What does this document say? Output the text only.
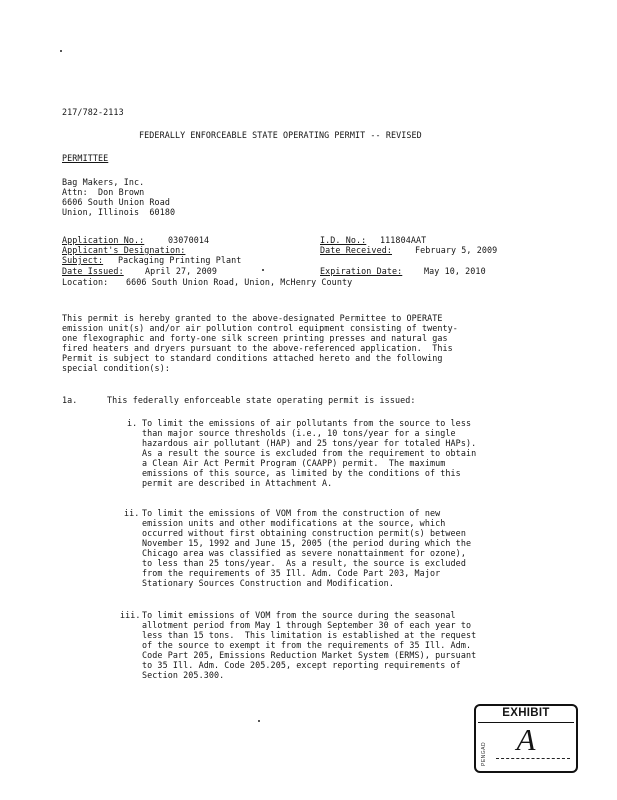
217/782-2113
FEDERALLY ENFORCEABLE STATE OPERATING PERMIT -- REVISED
PERMITTEE
Bag Makers, Inc.
Attn:  Don Brown
6606 South Union Road
Union, Illinois  60180
Application No.:	03070014	I.D. No.: 111804AAT
Applicant's Designation:	Date Received:	February 5, 2009
Subject: Packaging Printing Plant
Date Issued:	April 27, 2009	Expiration Date:	May 10, 2010
Location: 6606 South Union Road, Union, McHenry County
This permit is hereby granted to the above-designated Permittee to OPERATE
emission unit(s) and/or air pollution control equipment consisting of twenty-
one flexographic and forty-one silk screen printing presses and natural gas
fired heaters and dryers pursuant to the above-referenced application.  This
Permit is subject to standard conditions attached hereto and the following
special condition(s):
1a.	This federally enforceable state operating permit is issued:
i. To limit the emissions of air pollutants from the source to less
than major source thresholds (i.e., 10 tons/year for a single
hazardous air pollutant (HAP) and 25 tons/year for totaled HAPs).
As a result the source is excluded from the requirement to obtain
a Clean Air Act Permit Program (CAAPP) permit.  The maximum
emissions of this source, as limited by the conditions of this
permit are described in Attachment A.
ii. To limit the emissions of VOM from the construction of new
emission units and other modifications at the source, which
occurred without first obtaining construction permit(s) between
November 15, 1992 and June 15, 2005 (the period during which the
Chicago area was classified as severe nonattainment for ozone),
to less than 25 tons/year.  As a result, the source is excluded
from the requirements of 35 Ill. Adm. Code Part 203, Major
Stationary Sources Construction and Modification.
iii. To limit emissions of VOM from the source during the seasonal
allotment period from May 1 through September 30 of each year to
less than 15 tons.  This limitation is established at the request
of the source to exempt it from the requirements of 35 Ill. Adm.
Code Part 205, Emissions Reduction Market System (ERMS), pursuant
to 35 Ill. Adm. Code 205.205, except reporting requirements of
Section 205.300.
EXHIBIT
PENGAD A
